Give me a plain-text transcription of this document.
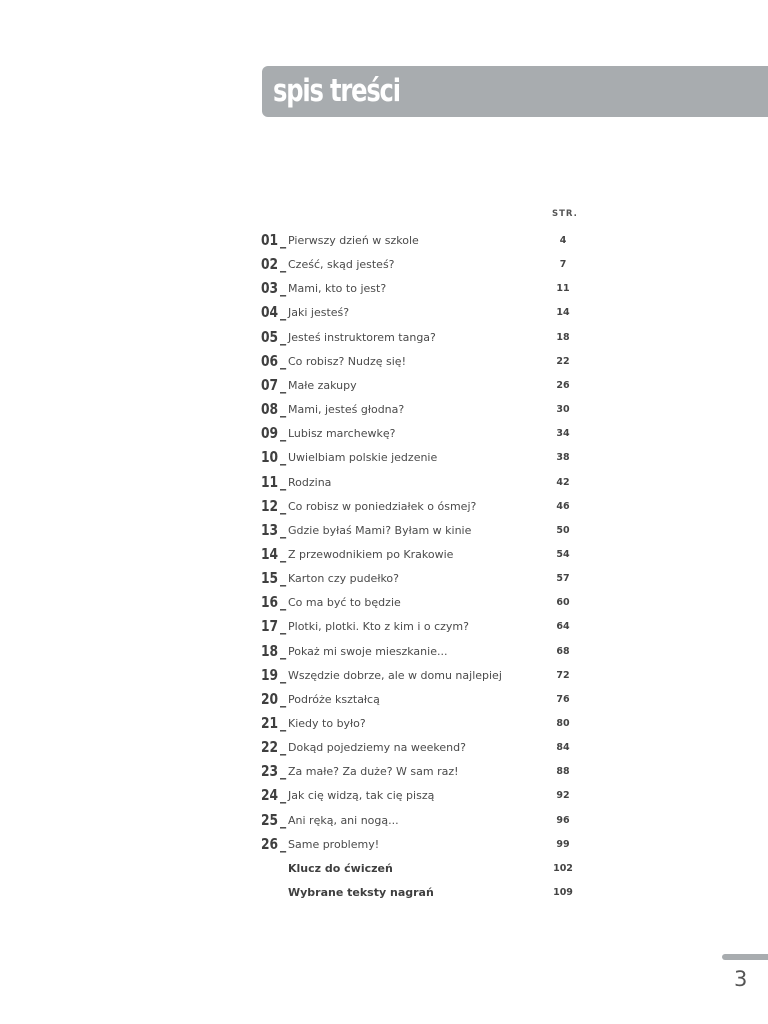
spis treści
STR.
01 _ Pierwszy dzień w szkole	4
02 _ Cześć, skąd jesteś?	7
03 _ Mami, kto to jest?	11
04 _ Jaki jesteś?	14
05 _ Jesteś instruktorem tanga?	18
06 _ Co robisz? Nudzę się!	22
07 _ Małe zakupy	26
08 _ Mami, jesteś głodna?	30
09 _ Lubisz marchewkę?	34
10 _ Uwielbiam polskie jedzenie	38
11 _ Rodzina	42
12 _ Co robisz w poniedziałek o ósmej?	46
13 _ Gdzie byłaś Mami? Byłam w kinie	50
14 _ Z przewodnikiem po Krakowie	54
15 _ Karton czy pudełko?	57
16 _ Co ma być to będzie	60
17 _ Plotki, plotki. Kto z kim i o czym?	64
18 _ Pokaż mi swoje mieszkanie...	68
19 _ Wszędzie dobrze, ale w domu najlepiej	72
20 _ Podróże kształcą	76
21 _ Kiedy to było?	80
22 _ Dokąd pojedziemy na weekend?	84
23 _ Za małe? Za duże? W sam raz!	88
24 _ Jak cię widzą, tak cię piszą	92
25 _ Ani ręką, ani nogą...	96
26 _ Same problemy!	99
Klucz do ćwiczeń	102
Wybrane teksty nagrań	109
3
